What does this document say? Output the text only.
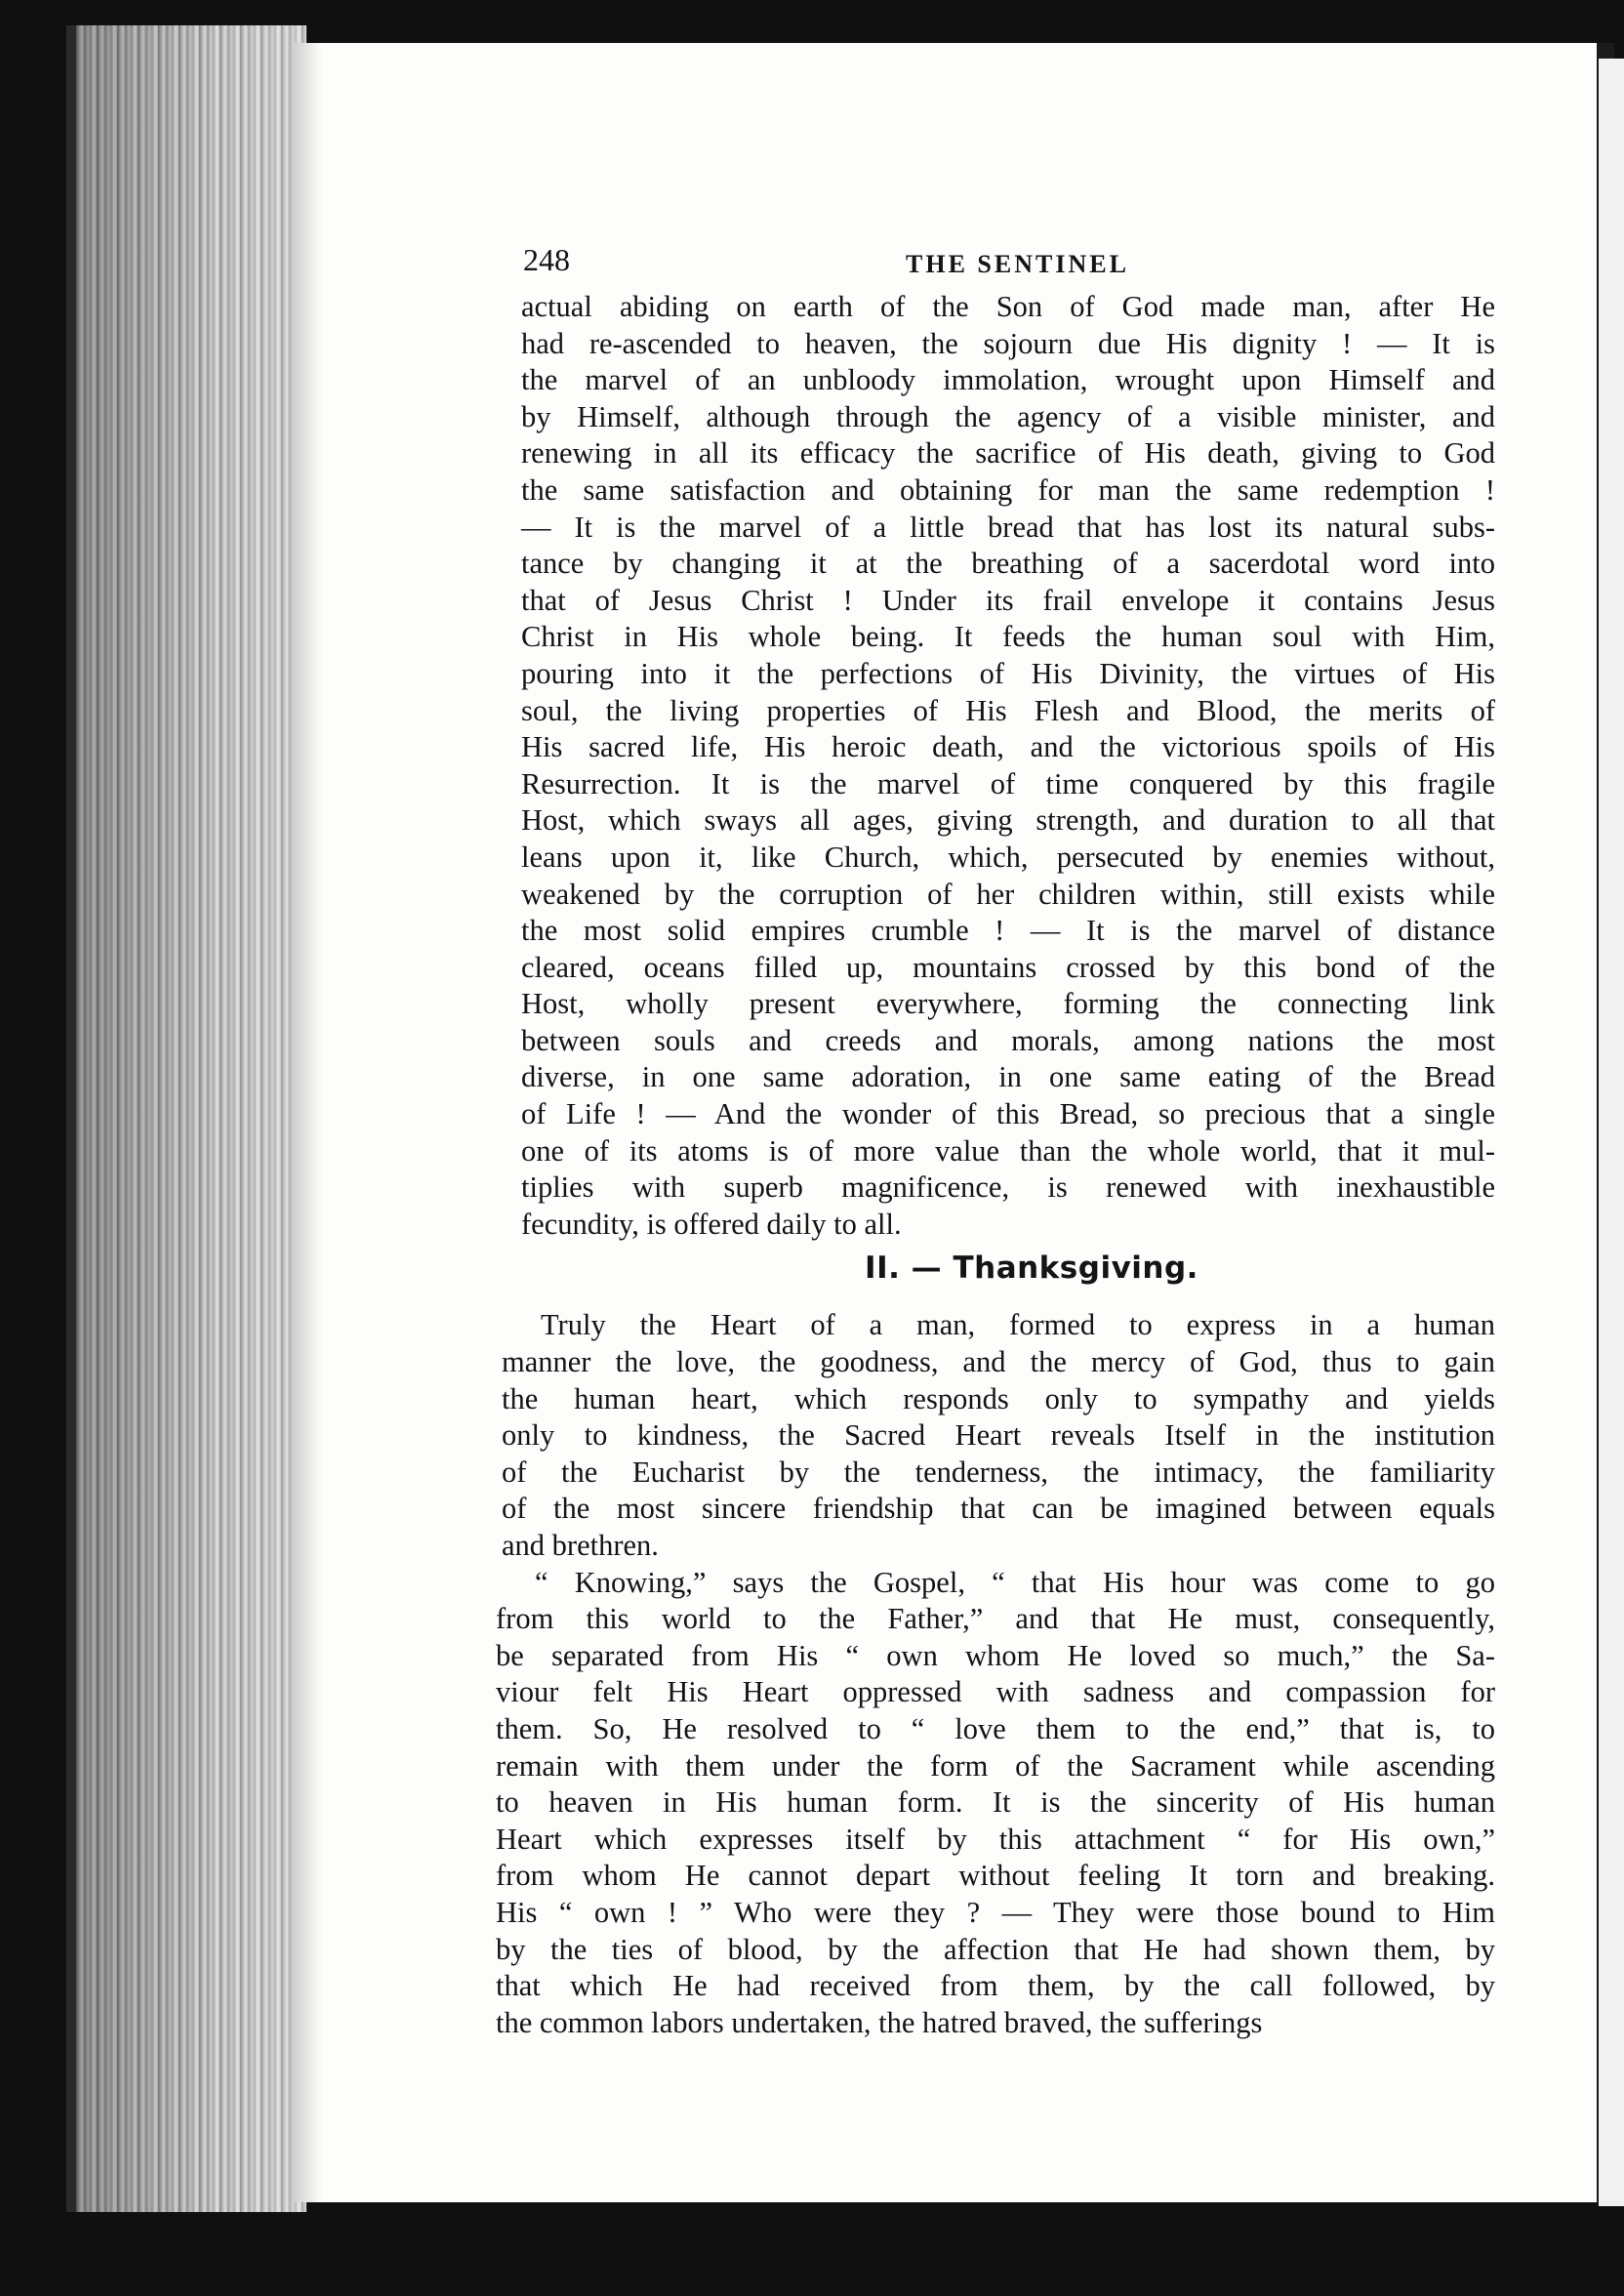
248	THE SENTINEL
actual abiding on earth of the Son of God made man, after He
had re-ascended to heaven, the sojourn due His dignity ! — It is
the marvel of an unbloody immolation, wrought upon Himself and
by Himself, although through the agency of a visible minister, and
renewing in all its efficacy the sacrifice of His death, giving to God
the same satisfaction and obtaining for man the same redemption !
— It is the marvel of a little bread that has lost its natural subs-
tance by changing it at the breathing of a sacerdotal word into
that of Jesus Christ ! Under its frail envelope it contains Jesus
Christ in His whole being. It feeds the human soul with Him,
pouring into it the perfections of His Divinity, the virtues of His
soul, the living properties of His Flesh and Blood, the merits of
His sacred life, His heroic death, and the victorious spoils of His
Resurrection. It is the marvel of time conquered by this fragile
Host, which sways all ages, giving strength, and duration to all that
leans upon it, like Church, which, persecuted by enemies without,
weakened by the corruption of her children within, still exists while
the most solid empires crumble ! — It is the marvel of distance
cleared, oceans filled up, mountains crossed by this bond of the
Host, wholly present everywhere, forming the connecting link
between souls and creeds and morals, among nations the most
diverse, in one same adoration, in one same eating of the Bread
of Life ! — And the wonder of this Bread, so precious that a single
one of its atoms is of more value than the whole world, that it mul-
tiplies with superb magnificence, is renewed with inexhaustible
fecundity, is offered daily to all.
II. — Thanksgiving.
Truly the Heart of a man, formed to express in a human
manner the love, the goodness, and the mercy of God, thus to gain
the human heart, which responds only to sympathy and yields
only to kindness, the Sacred Heart reveals Itself in the institution
of the Eucharist by the tenderness, the intimacy, the familiarity
of the most sincere friendship that can be imagined between equals
and brethren.
“ Knowing,” says the Gospel, “ that His hour was come to go
from this world to the Father,” and that He must, consequently,
be separated from His “ own whom He loved so much,” the Sa-
viour felt His Heart oppressed with sadness and compassion for
them. So, He resolved to “ love them to the end,” that is, to
remain with them under the form of the Sacrament while ascending
to heaven in His human form. It is the sincerity of His human
Heart which expresses itself by this attachment “ for His own,”
from whom He cannot depart without feeling It torn and breaking.
His “ own ! ” Who were they ? — They were those bound to Him
by the ties of blood, by the affection that He had shown them, by
that which He had received from them, by the call followed, by
the common labors undertaken, the hatred braved, the sufferings
